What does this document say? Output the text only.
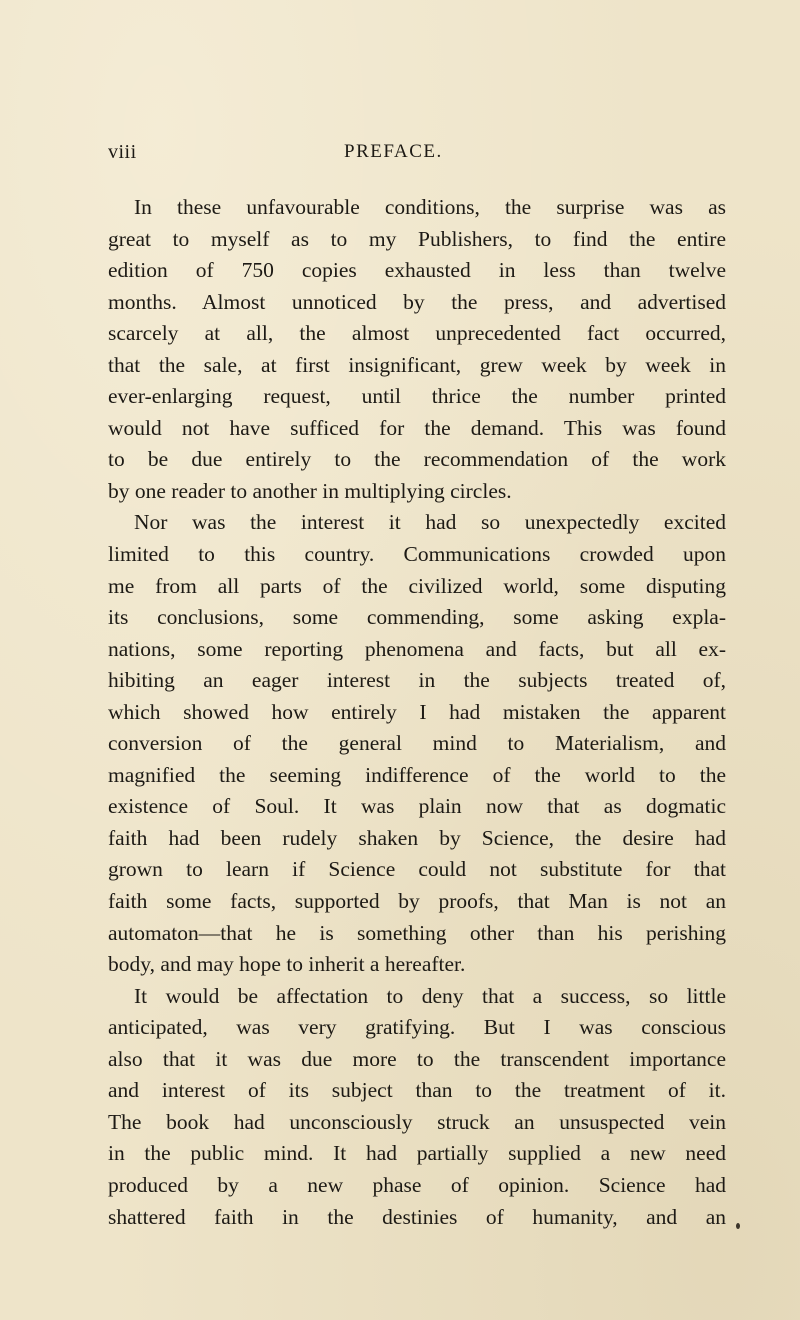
viii	PREFACE.
In these unfavourable conditions, the surprise was as
great to myself as to my Publishers, to find the entire
edition of 750 copies exhausted in less than twelve
months. Almost unnoticed by the press, and advertised
scarcely at all, the almost unprecedented fact occurred,
that the sale, at first insignificant, grew week by week in
ever-enlarging request, until thrice the number printed
would not have sufficed for the demand. This was found
to be due entirely to the recommendation of the work
by one reader to another in multiplying circles.
Nor was the interest it had so unexpectedly excited
limited to this country. Communications crowded upon
me from all parts of the civilized world, some disputing
its conclusions, some commending, some asking expla-
nations, some reporting phenomena and facts, but all ex-
hibiting an eager interest in the subjects treated of,
which showed how entirely I had mistaken the apparent
conversion of the general mind to Materialism, and
magnified the seeming indifference of the world to the
existence of Soul. It was plain now that as dogmatic
faith had been rudely shaken by Science, the desire had
grown to learn if Science could not substitute for that
faith some facts, supported by proofs, that Man is not an
automaton—that he is something other than his perishing
body, and may hope to inherit a hereafter.
It would be affectation to deny that a success, so little
anticipated, was very gratifying. But I was conscious
also that it was due more to the transcendent importance
and interest of its subject than to the treatment of it.
The book had unconsciously struck an unsuspected vein
in the public mind. It had partially supplied a new need
produced by a new phase of opinion. Science had
shattered faith in the destinies of humanity, and an
